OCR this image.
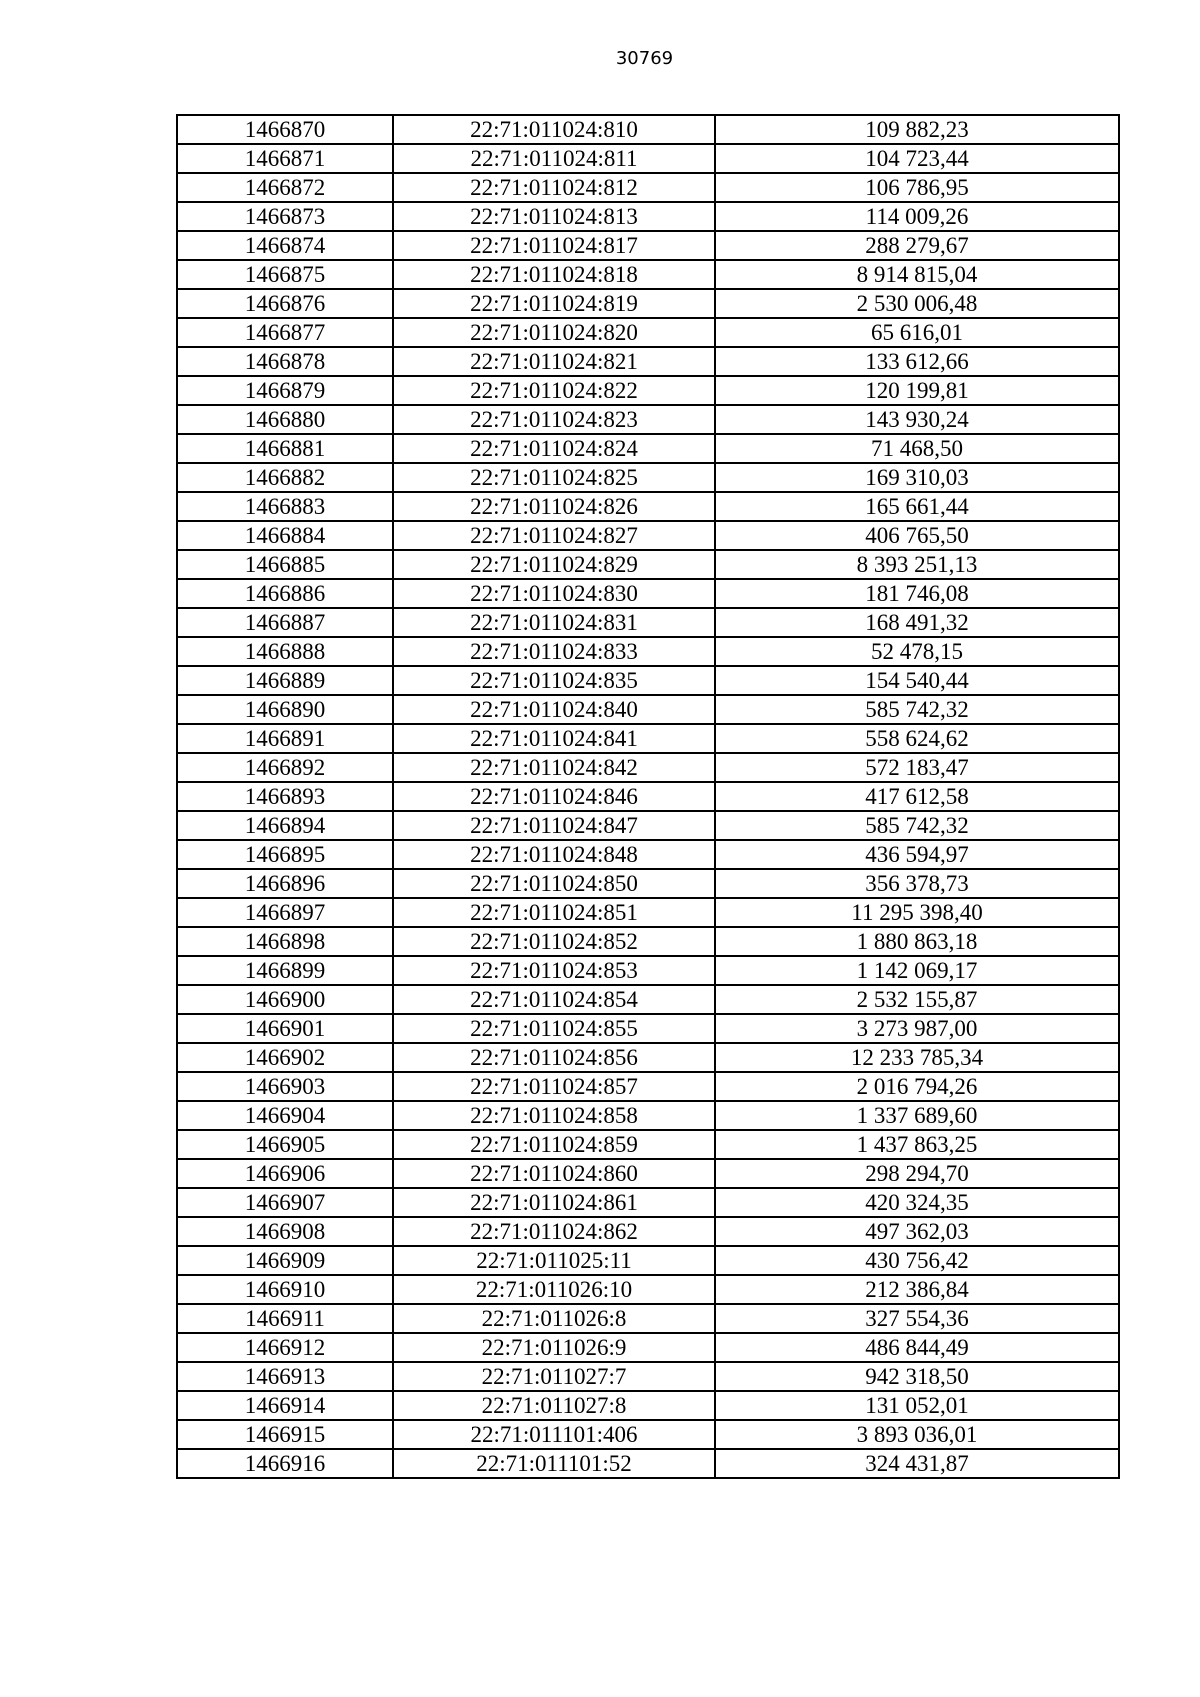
30769
1466870	22:71:011024:810	109 882,23
1466871	22:71:011024:811	104 723,44
1466872	22:71:011024:812	106 786,95
1466873	22:71:011024:813	114 009,26
1466874	22:71:011024:817	288 279,67
1466875	22:71:011024:818	8 914 815,04
1466876	22:71:011024:819	2 530 006,48
1466877	22:71:011024:820	65 616,01
1466878	22:71:011024:821	133 612,66
1466879	22:71:011024:822	120 199,81
1466880	22:71:011024:823	143 930,24
1466881	22:71:011024:824	71 468,50
1466882	22:71:011024:825	169 310,03
1466883	22:71:011024:826	165 661,44
1466884	22:71:011024:827	406 765,50
1466885	22:71:011024:829	8 393 251,13
1466886	22:71:011024:830	181 746,08
1466887	22:71:011024:831	168 491,32
1466888	22:71:011024:833	52 478,15
1466889	22:71:011024:835	154 540,44
1466890	22:71:011024:840	585 742,32
1466891	22:71:011024:841	558 624,62
1466892	22:71:011024:842	572 183,47
1466893	22:71:011024:846	417 612,58
1466894	22:71:011024:847	585 742,32
1466895	22:71:011024:848	436 594,97
1466896	22:71:011024:850	356 378,73
1466897	22:71:011024:851	11 295 398,40
1466898	22:71:011024:852	1 880 863,18
1466899	22:71:011024:853	1 142 069,17
1466900	22:71:011024:854	2 532 155,87
1466901	22:71:011024:855	3 273 987,00
1466902	22:71:011024:856	12 233 785,34
1466903	22:71:011024:857	2 016 794,26
1466904	22:71:011024:858	1 337 689,60
1466905	22:71:011024:859	1 437 863,25
1466906	22:71:011024:860	298 294,70
1466907	22:71:011024:861	420 324,35
1466908	22:71:011024:862	497 362,03
1466909	22:71:011025:11	430 756,42
1466910	22:71:011026:10	212 386,84
1466911	22:71:011026:8	327 554,36
1466912	22:71:011026:9	486 844,49
1466913	22:71:011027:7	942 318,50
1466914	22:71:011027:8	131 052,01
1466915	22:71:011101:406	3 893 036,01
1466916	22:71:011101:52	324 431,87
